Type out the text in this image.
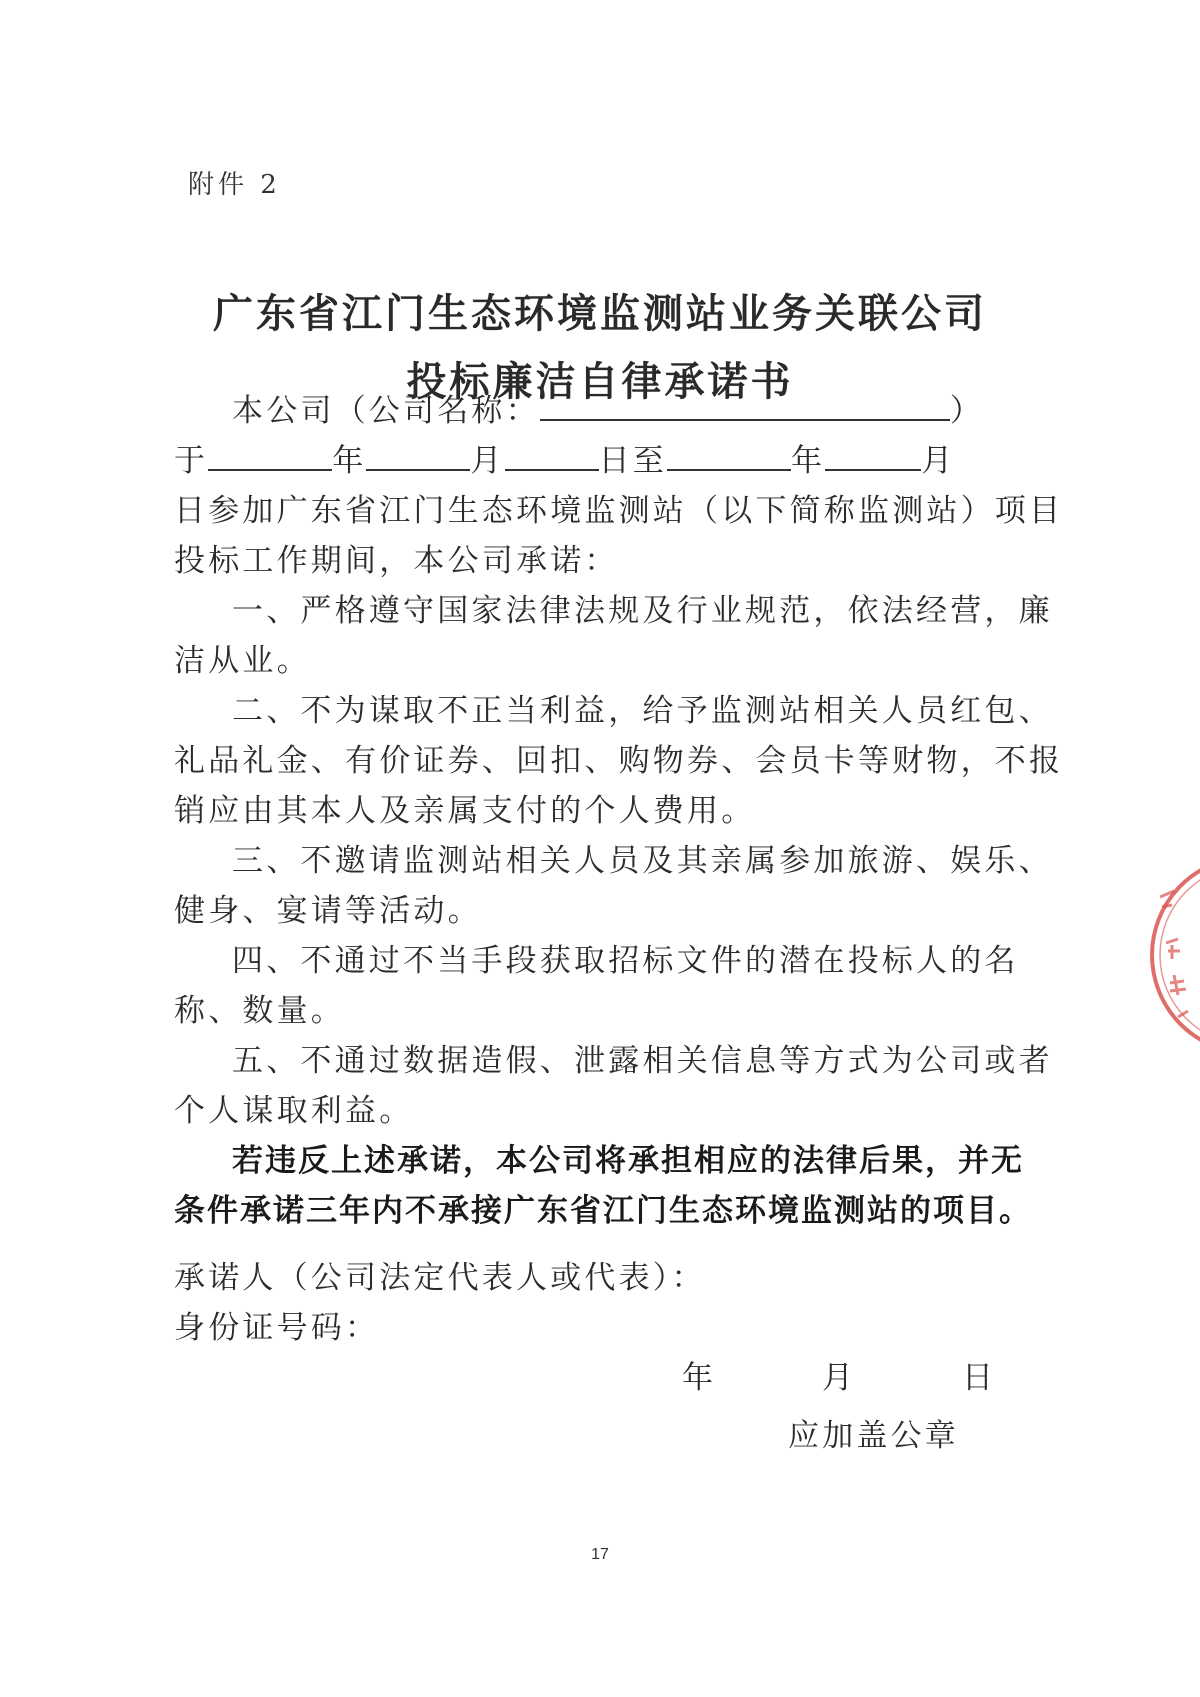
附件 2
广东省江门生态环境监测站业务关联公司
投标廉洁自律承诺书
本公司（公司名称：	）
于	年	月	日至	年	月
日参加广东省江门生态环境监测站（以下简称监测站）项目
投标工作期间，本公司承诺：
一、严格遵守国家法律法规及行业规范，依法经营，廉
洁从业。
二、不为谋取不正当利益，给予监测站相关人员红包、
礼品礼金、有价证券、回扣、购物券、会员卡等财物，不报
销应由其本人及亲属支付的个人费用。
三、不邀请监测站相关人员及其亲属参加旅游、娱乐、
健身、宴请等活动。
四、不通过不当手段获取招标文件的潜在投标人的名
称、数量。
五、不通过数据造假、泄露相关信息等方式为公司或者
个人谋取利益。
若违反上述承诺，本公司将承担相应的法律后果，并无
条件承诺三年内不承接广东省江门生态环境监测站的项目。
承诺人（公司法定代表人或代表）：
身份证号码：
年	月	日
应加盖公章
17
